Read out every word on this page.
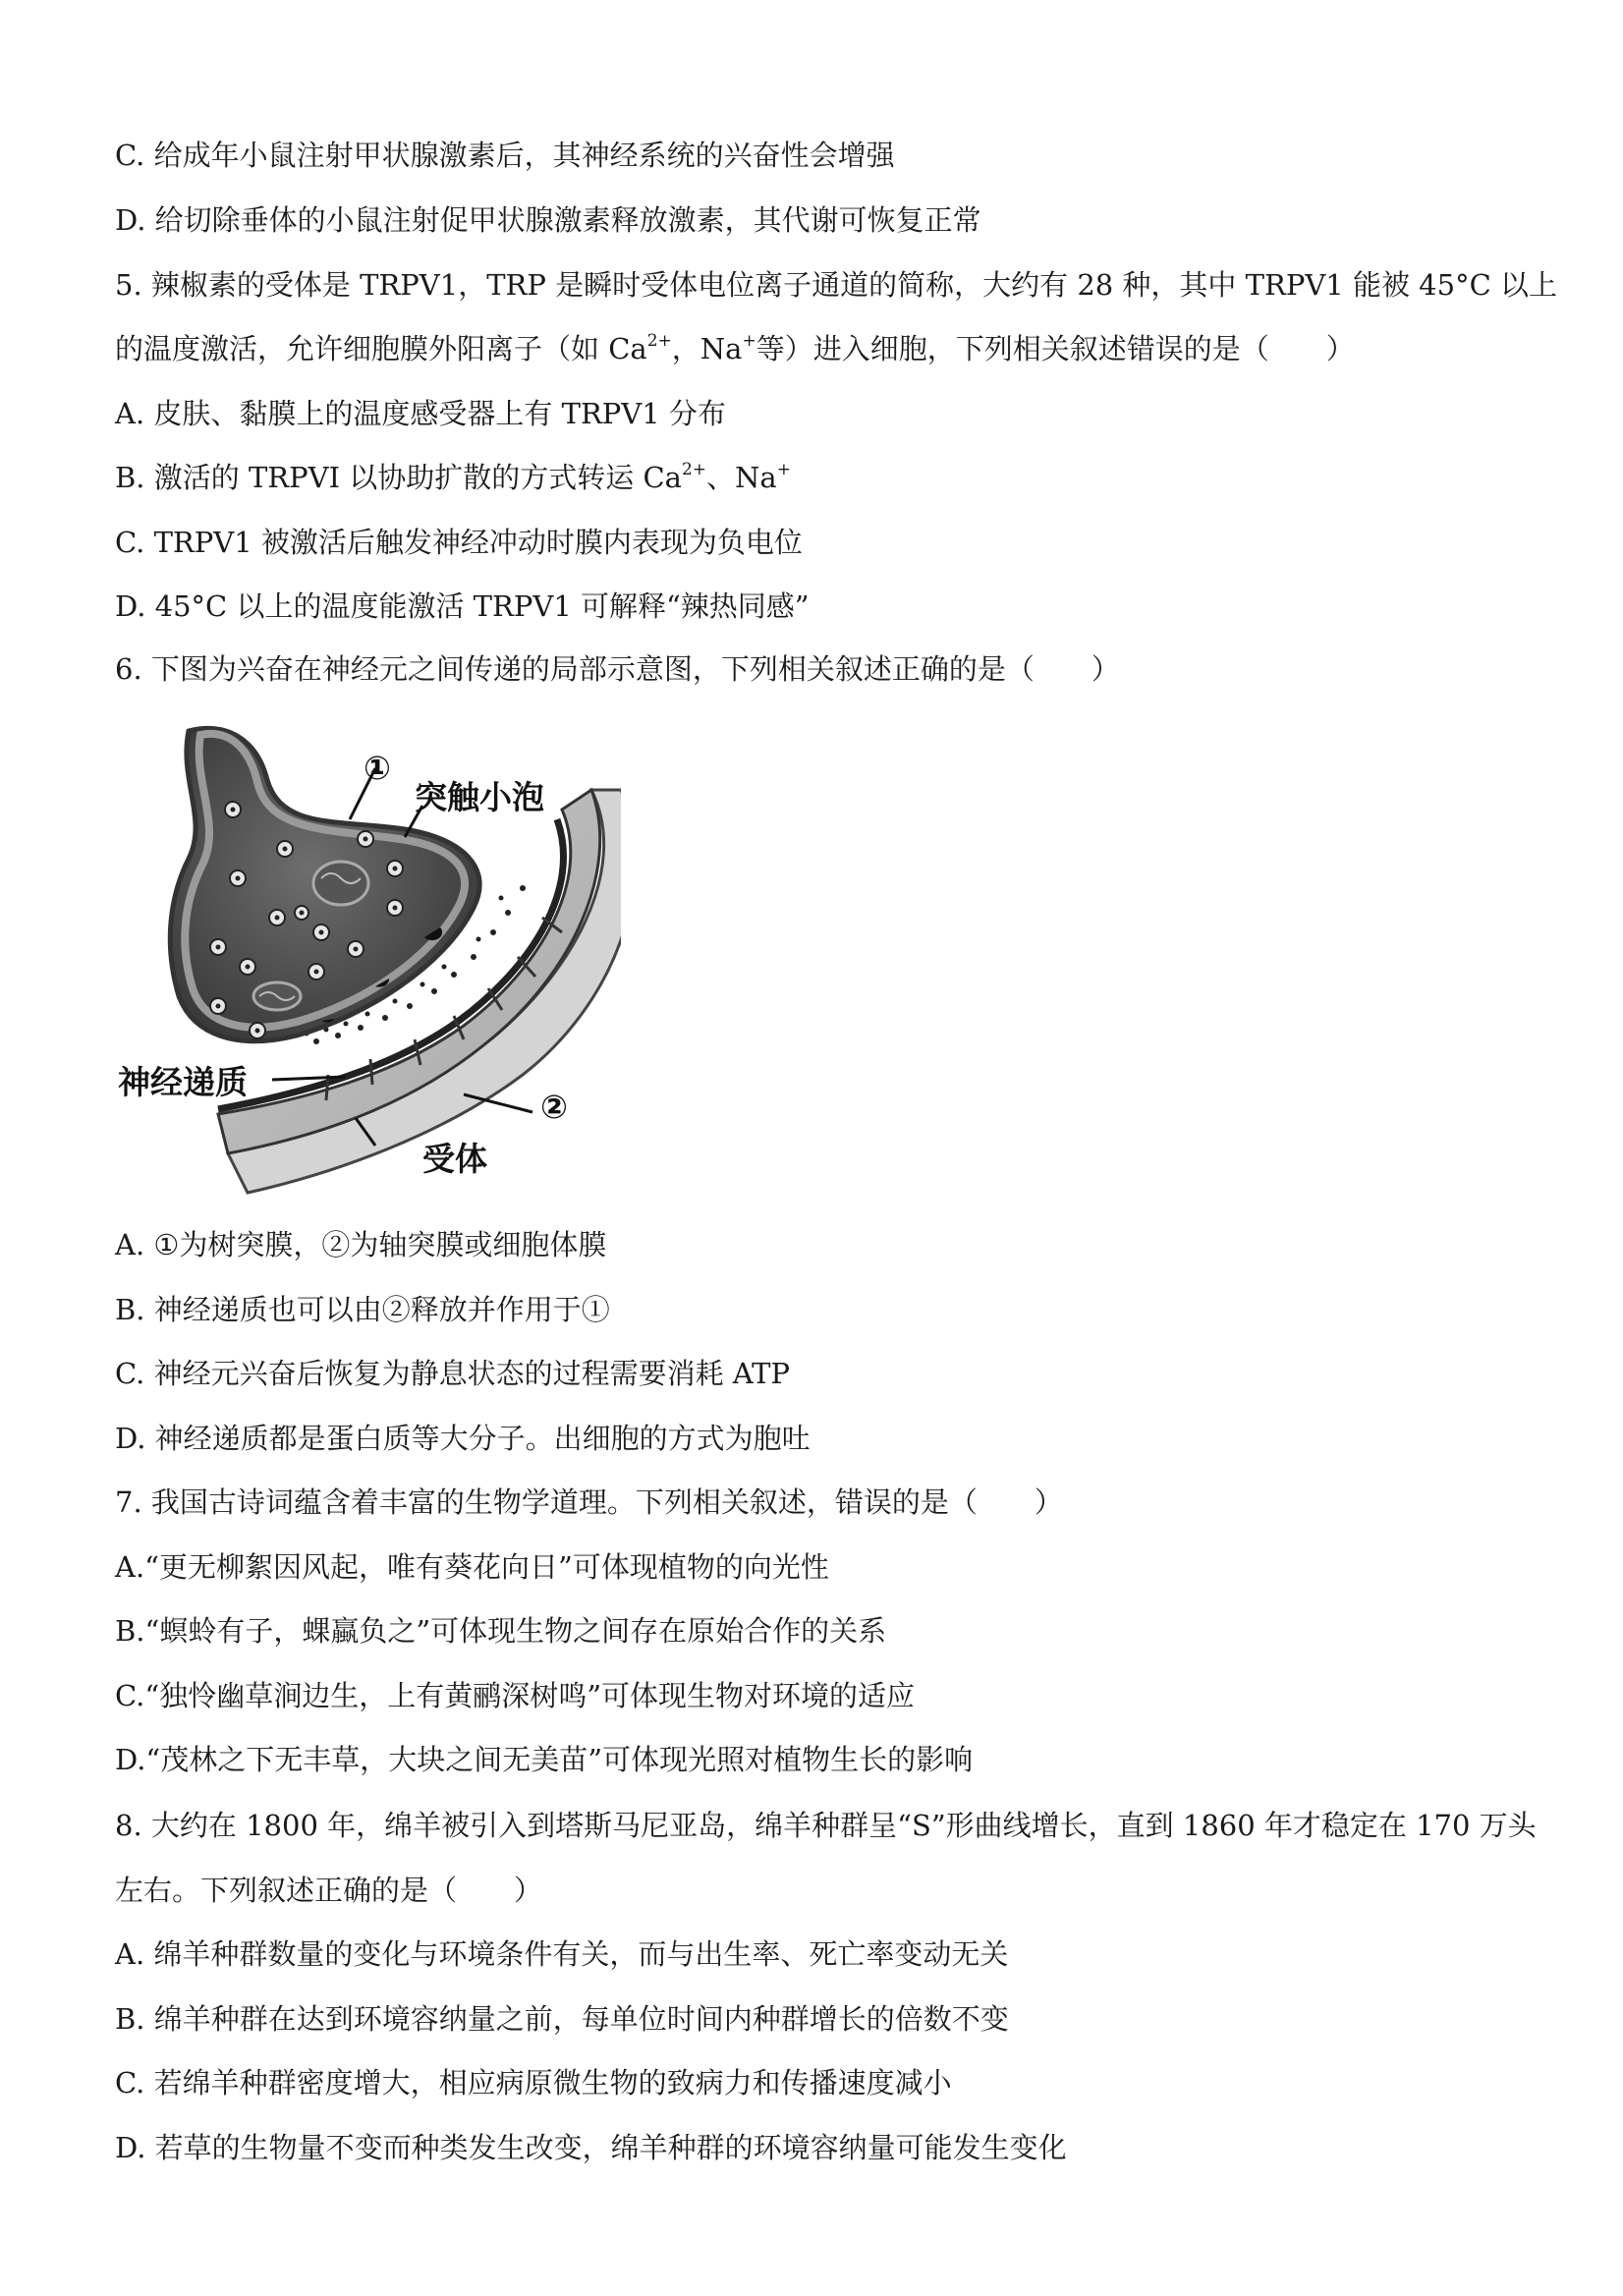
C. 给成年小鼠注射甲状腺激素后，其神经系统的兴奋性会增强
D. 给切除垂体的小鼠注射促甲状腺激素释放激素，其代谢可恢复正常
5. 辣椒素的受体是 TRPV1，TRP 是瞬时受体电位离子通道的简称，大约有 28 种，其中 TRPV1 能被 45°C 以上
的温度激活，允许细胞膜外阳离子（如 $Ca^{2+}$，Na+等）进入细胞，下列相关叙述错误的是（　　）
A. 皮肤、黏膜上的温度感受器上有 TRPV1 分布
B. 激活的 TRPVI 以协助扩散的方式转运 $Ca^{2+}$、Na+
C. TRPV1 被激活后触发神经冲动时膜内表现为负电位
D. 45°C 以上的温度能激活 TRPV1 可解释“辣热同感”
6. 下图为兴奋在神经元之间传递的局部示意图，下列相关叙述正确的是（　　）
①
突触小泡
神经递质
②
受体
A. ①为树突膜，②为轴突膜或细胞体膜
B. 神经递质也可以由②释放并作用于①
C. 神经元兴奋后恢复为静息状态的过程需要消耗 ATP
D. 神经递质都是蛋白质等大分子。出细胞的方式为胞吐
7. 我国古诗词蕴含着丰富的生物学道理。下列相关叙述，错误的是（　　）
A.“更无柳絮因风起，唯有葵花向日”可体现植物的向光性
B.“螟蛉有子，蜾蠃负之”可体现生物之间存在原始合作的关系
C.“独怜幽草涧边生，上有黄鹂深树鸣”可体现生物对环境的适应
D.“茂林之下无丰草，大块之间无美苗”可体现光照对植物生长的影响
8. 大约在 1800 年，绵羊被引入到塔斯马尼亚岛，绵羊种群呈“S”形曲线增长，直到 1860 年才稳定在 170 万头
左右。下列叙述正确的是（　　）
A. 绵羊种群数量的变化与环境条件有关，而与出生率、死亡率变动无关
B. 绵羊种群在达到环境容纳量之前，每单位时间内种群增长的倍数不变
C. 若绵羊种群密度增大，相应病原微生物的致病力和传播速度减小
D. 若草的生物量不变而种类发生改变，绵羊种群的环境容纳量可能发生变化
